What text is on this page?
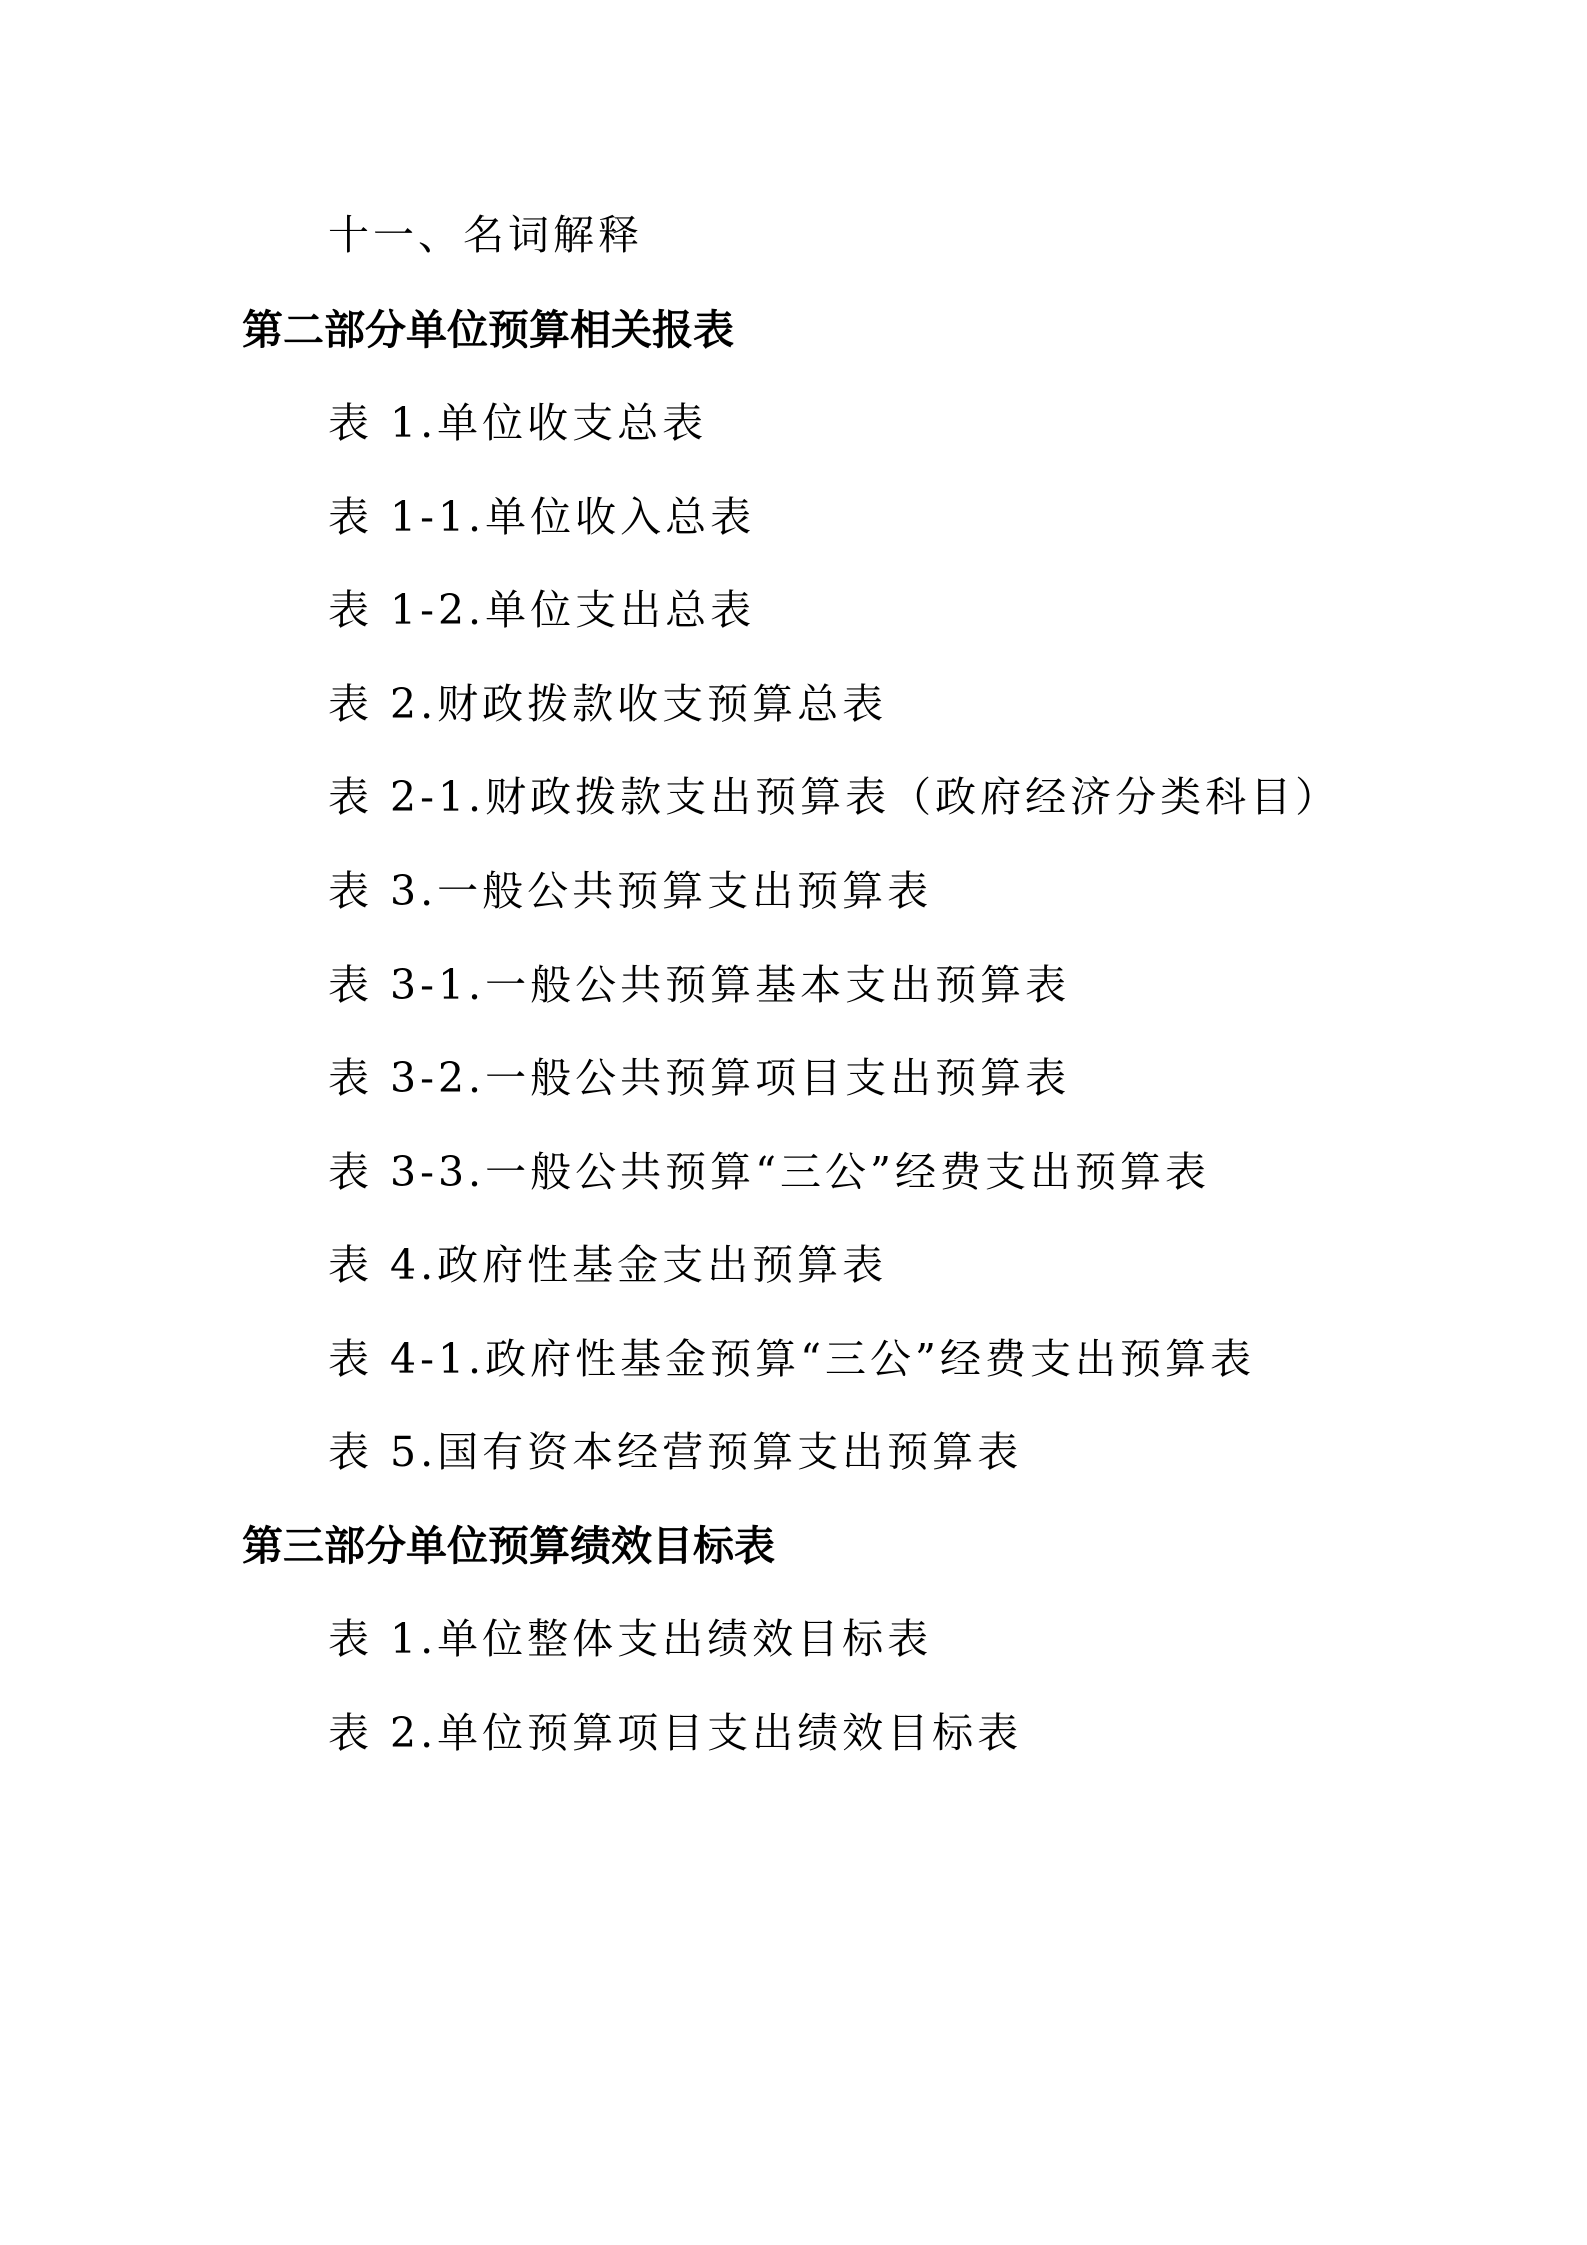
十一、名词解释
第二部分单位预算相关报表
表 1.单位收支总表
表 1-1.单位收入总表
表 1-2.单位支出总表
表 2.财政拨款收支预算总表
表 2-1.财政拨款支出预算表（政府经济分类科目）
表 3.一般公共预算支出预算表
表 3-1.一般公共预算基本支出预算表
表 3-2.一般公共预算项目支出预算表
表 3-3.一般公共预算“三公”经费支出预算表
表 4.政府性基金支出预算表
表 4-1.政府性基金预算“三公”经费支出预算表
表 5.国有资本经营预算支出预算表
第三部分单位预算绩效目标表
表 1.单位整体支出绩效目标表
表 2.单位预算项目支出绩效目标表
